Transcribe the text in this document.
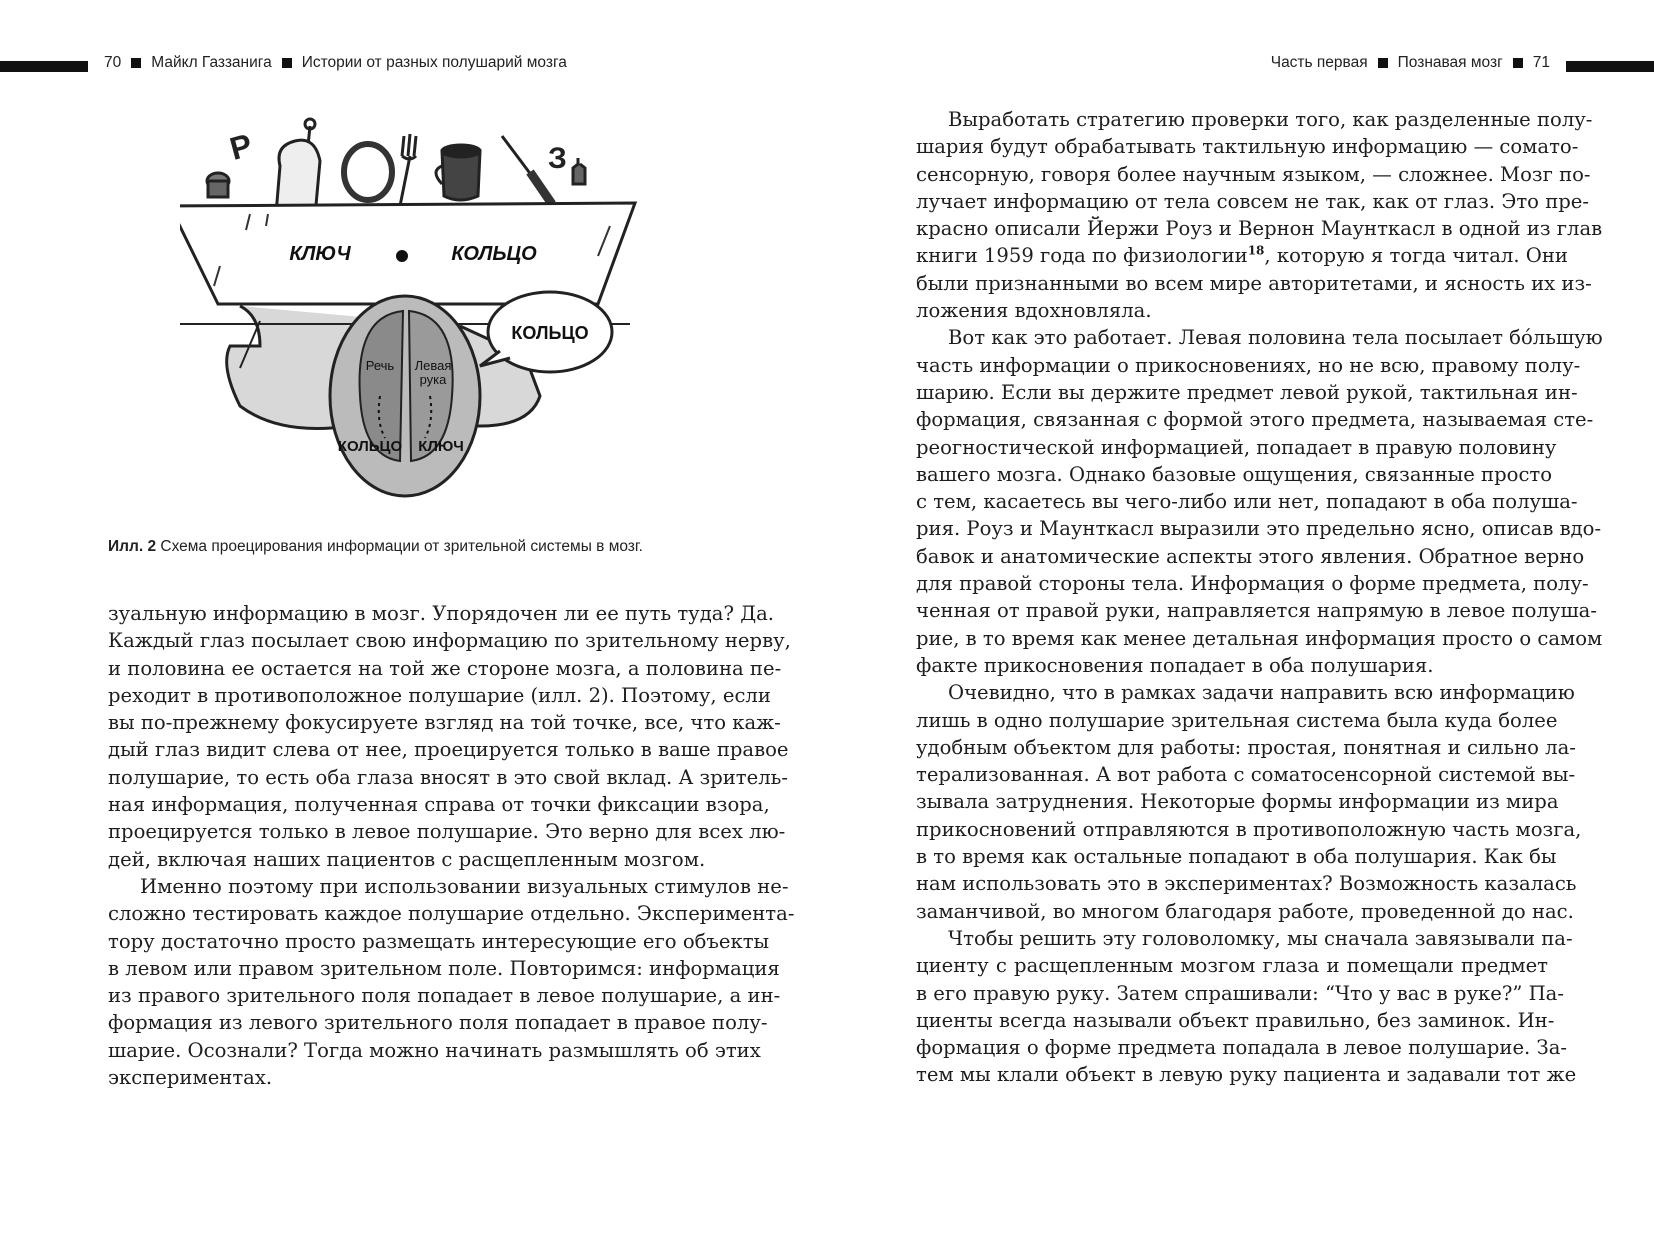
70 Майкл Газзанига Истории от разных полушарий мозга	Часть первая Познавая мозг 71
Р	З
КЛЮЧ	КОЛЬЦО
Речь Левая
рука
КОЛЬЦО КЛЮЧ
КОЛЬЦО
Илл. 2 Схема проецирования информации от зрительной системы в мозг.

зуальную информацию в мозг. Упорядочен ли ее путь туда? Да.
Каждый глаз посылает свою информацию по зрительному нерву,
и половина ее остается на той же стороне мозга, а половина пе-
реходит в противоположное полушарие (илл. 2). Поэтому, если
вы по-прежнему фокусируете взгляд на той точке, все, что каж-
дый глаз видит слева от нее, проецируется только в ваше правое
полушарие, то есть оба глаза вносят в это свой вклад. А зритель-
ная информация, полученная справа от точки фиксации взора,
проецируется только в левое полушарие. Это верно для всех лю-
дей, включая наших пациентов с расщепленным мозгом.

Именно поэтому при использовании визуальных стимулов не-
сложно тестировать каждое полушарие отдельно. Эксперимента-
тору достаточно просто размещать интересующие его объекты
в левом или правом зрительном поле. Повторимся: информация
из правого зрительного поля попадает в левое полушарие, а ин-
формация из левого зрительного поля попадает в правое полу-
шарие. Осознали? Тогда можно начинать размышлять об этих
экспериментах.

Выработать стратегию проверки того, как разделенные полу-
шария будут обрабатывать тактильную информацию — сомато-
сенсорную, говоря более научным языком, — сложнее. Мозг по-
лучает информацию от тела совсем не так, как от глаз. Это пре-
красно описали Йержи Роуз и Вернон Маунткасл в одной из глав
книги 1959 года по физиологии$^{18}$, которую я тогда читал. Они
были признанными во всем мире авторитетами, и ясность их из-
ложения вдохновляла.

Вот как это работает. Левая половина тела посылает бóльшую
часть информации о прикосновениях, но не всю, правому полу-
шарию. Если вы держите предмет левой рукой, тактильная ин-
формация, связанная с формой этого предмета, называемая сте-
реогностической информацией, попадает в правую половину
вашего мозга. Однако базовые ощущения, связанные просто
с тем, касаетесь вы чего-либо или нет, попадают в оба полуша-
рия. Роуз и Маунткасл выразили это предельно ясно, описав вдо-
бавок и анатомические аспекты этого явления. Обратное верно
для правой стороны тела. Информация о форме предмета, полу-
ченная от правой руки, направляется напрямую в левое полуша-
рие, в то время как менее детальная информация просто о самом
факте прикосновения попадает в оба полушария.

Очевидно, что в рамках задачи направить всю информацию
лишь в одно полушарие зрительная система была куда более
удобным объектом для работы: простая, понятная и сильно ла-
терализованная. А вот работа с соматосенсорной системой вы-
зывала затруднения. Некоторые формы информации из мира
прикосновений отправляются в противоположную часть мозга,
в то время как остальные попадают в оба полушария. Как бы
нам использовать это в экспериментах? Возможность казалась
заманчивой, во многом благодаря работе, проведенной до нас.

Чтобы решить эту головоломку, мы сначала завязывали па-
циенту с расщепленным мозгом глаза и помещали предмет
в его правую руку. Затем спрашивали: “Что у вас в руке?” Па-
циенты всегда называли объект правильно, без заминок. Ин-
формация о форме предмета попадала в левое полушарие. За-
тем мы клали объект в левую руку пациента и задавали тот же
